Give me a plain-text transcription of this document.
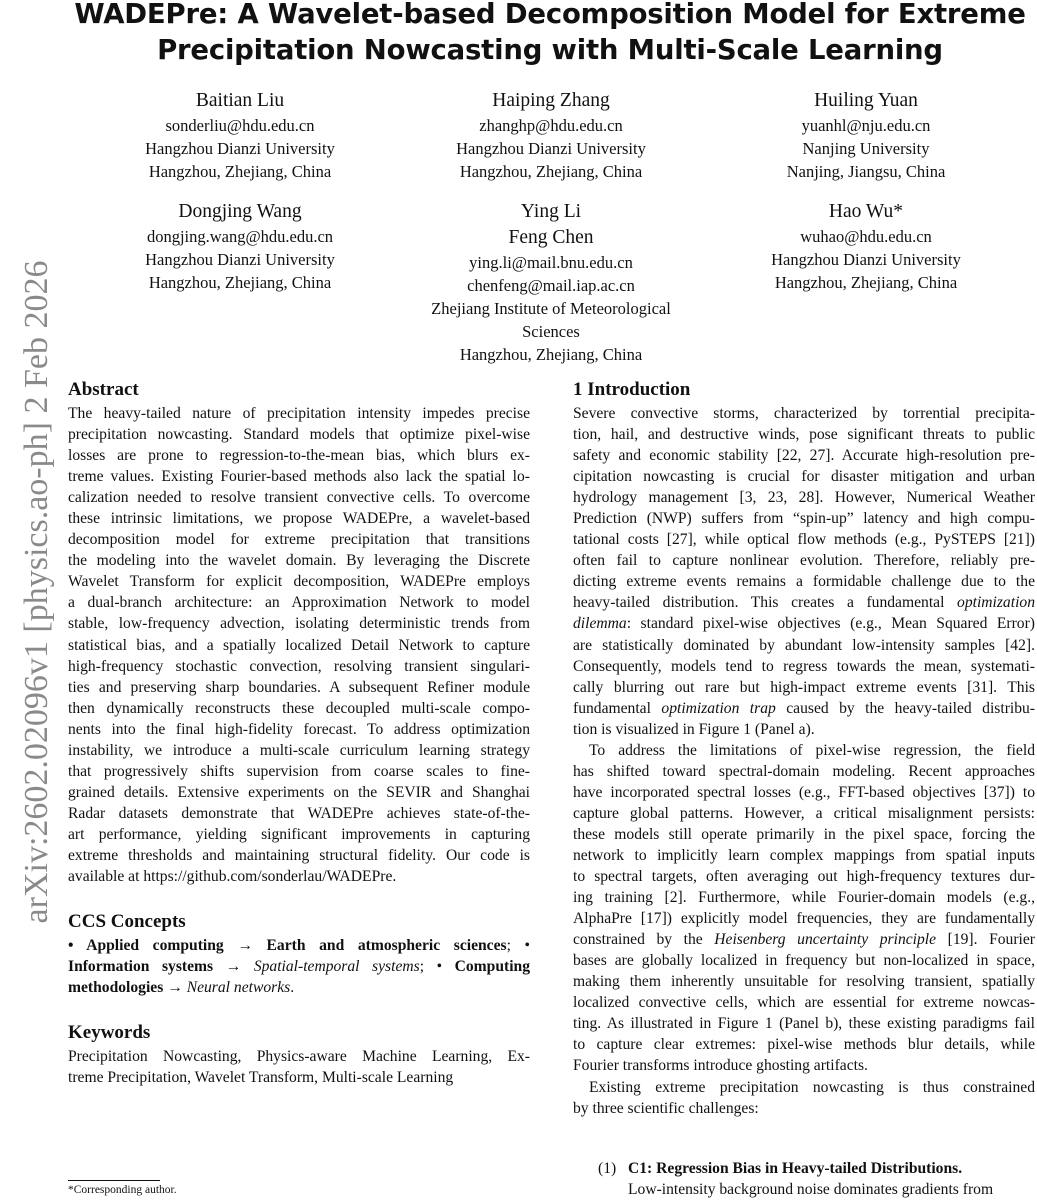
arXiv:2602.02096v1 [physics.ao-ph] 2 Feb 2026
WADEPre: A Wavelet-based Decomposition Model for Extreme
Precipitation Nowcasting with Multi-Scale Learning
Baitian Liu
sonderliu@hdu.edu.cn
Hangzhou Dianzi University
Hangzhou, Zhejiang, China
Haiping Zhang
zhanghp@hdu.edu.cn
Hangzhou Dianzi University
Hangzhou, Zhejiang, China
Huiling Yuan
yuanhl@nju.edu.cn
Nanjing University
Nanjing, Jiangsu, China
Dongjing Wang
dongjing.wang@hdu.edu.cn
Hangzhou Dianzi University
Hangzhou, Zhejiang, China
Ying Li
Feng Chen
ying.li@mail.bnu.edu.cn
chenfeng@mail.iap.ac.cn
Zhejiang Institute of Meteorological
Sciences
Hangzhou, Zhejiang, China
Hao Wu*
wuhao@hdu.edu.cn
Hangzhou Dianzi University
Hangzhou, Zhejiang, China
Abstract
The heavy-tailed nature of precipitation intensity impedes precise
precipitation nowcasting. Standard models that optimize pixel-wise
losses are prone to regression-to-the-mean bias, which blurs ex-
treme values. Existing Fourier-based methods also lack the spatial lo-
calization needed to resolve transient convective cells. To overcome
these intrinsic limitations, we propose WADEPre, a wavelet-based
decomposition model for extreme precipitation that transitions
the modeling into the wavelet domain. By leveraging the Discrete
Wavelet Transform for explicit decomposition, WADEPre employs
a dual-branch architecture: an Approximation Network to model
stable, low-frequency advection, isolating deterministic trends from
statistical bias, and a spatially localized Detail Network to capture
high-frequency stochastic convection, resolving transient singulari-
ties and preserving sharp boundaries. A subsequent Refiner module
then dynamically reconstructs these decoupled multi-scale compo-
nents into the final high-fidelity forecast. To address optimization
instability, we introduce a multi-scale curriculum learning strategy
that progressively shifts supervision from coarse scales to fine-
grained details. Extensive experiments on the SEVIR and Shanghai
Radar datasets demonstrate that WADEPre achieves state-of-the-
art performance, yielding significant improvements in capturing
extreme thresholds and maintaining structural fidelity. Our code is
available at https://github.com/sonderlau/WADEPre.
CCS Concepts
• Applied computing → Earth and atmospheric sciences; •
Information systems → Spatial-temporal systems; • Computing
methodologies → Neural networks.
Keywords
Precipitation Nowcasting, Physics-aware Machine Learning, Ex-
treme Precipitation, Wavelet Transform, Multi-scale Learning
1 Introduction
Severe convective storms, characterized by torrential precipita-
tion, hail, and destructive winds, pose significant threats to public
safety and economic stability [22, 27]. Accurate high-resolution pre-
cipitation nowcasting is crucial for disaster mitigation and urban
hydrology management [3, 23, 28]. However, Numerical Weather
Prediction (NWP) suffers from “spin-up” latency and high compu-
tational costs [27], while optical flow methods (e.g., PySTEPS [21])
often fail to capture nonlinear evolution. Therefore, reliably pre-
dicting extreme events remains a formidable challenge due to the
heavy-tailed distribution. This creates a fundamental optimization
dilemma: standard pixel-wise objectives (e.g., Mean Squared Error)
are statistically dominated by abundant low-intensity samples [42].
Consequently, models tend to regress towards the mean, systemati-
cally blurring out rare but high-impact extreme events [31]. This
fundamental optimization trap caused by the heavy-tailed distribu-
tion is visualized in Figure 1 (Panel a).
To address the limitations of pixel-wise regression, the field
has shifted toward spectral-domain modeling. Recent approaches
have incorporated spectral losses (e.g., FFT-based objectives [37]) to
capture global patterns. However, a critical misalignment persists:
these models still operate primarily in the pixel space, forcing the
network to implicitly learn complex mappings from spatial inputs
to spectral targets, often averaging out high-frequency textures dur-
ing training [2]. Furthermore, while Fourier-domain models (e.g.,
AlphaPre [17]) explicitly model frequencies, they are fundamentally
constrained by the Heisenberg uncertainty principle [19]. Fourier
bases are globally localized in frequency but non-localized in space,
making them inherently unsuitable for resolving transient, spatially
localized convective cells, which are essential for extreme nowcas-
ting. As illustrated in Figure 1 (Panel b), these existing paradigms fail
to capture clear extremes: pixel-wise methods blur details, while
Fourier transforms introduce ghosting artifacts.
Existing extreme precipitation nowcasting is thus constrained
by three scientific challenges:
(1) C1: Regression Bias in Heavy-tailed Distributions.
Low-intensity background noise dominates gradients from
*Corresponding author.
